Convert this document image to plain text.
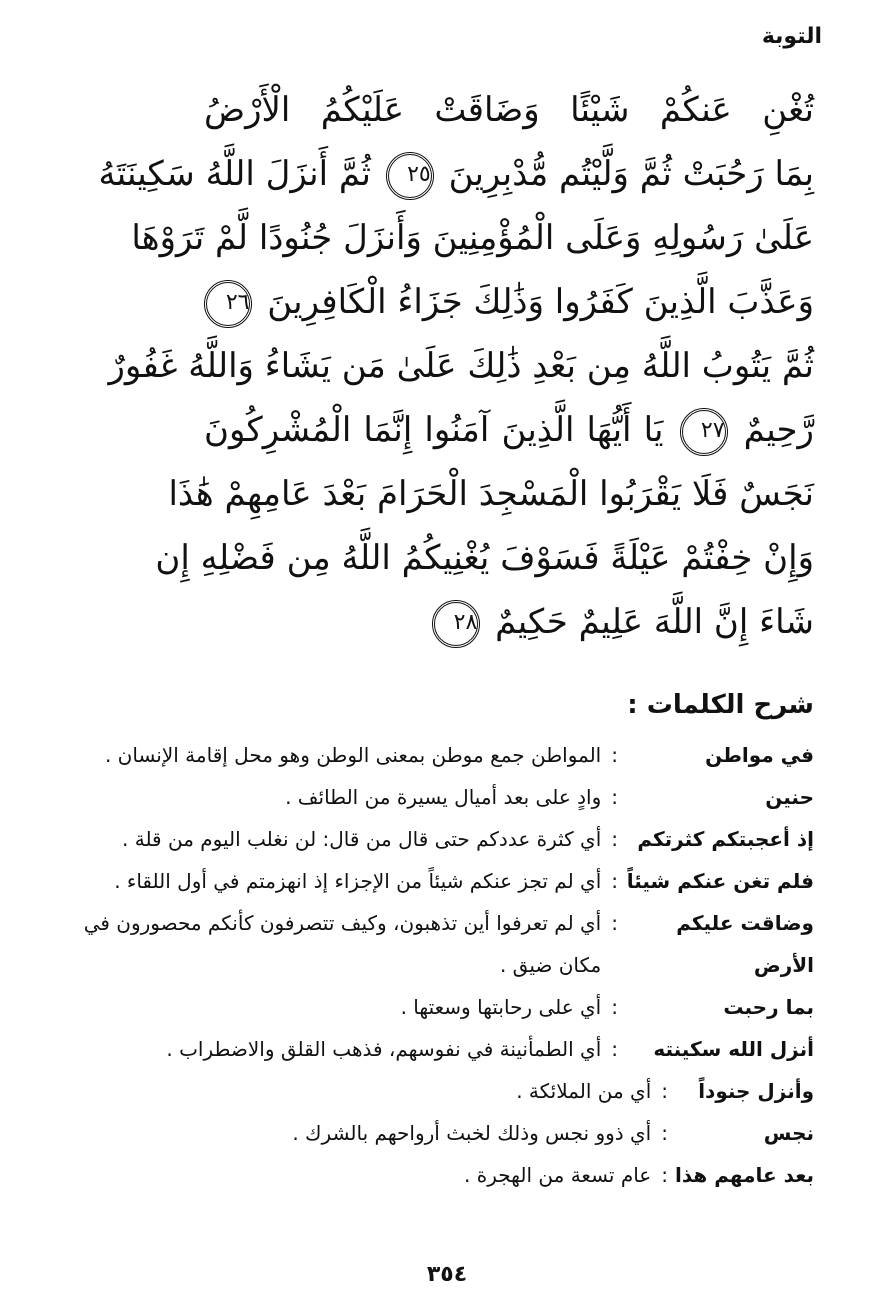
التوبة
تُغْنِ عَنكُمْ شَيْئًا وَضَاقَتْ عَلَيْكُمُ الْأَرْضُ
بِمَا رَحُبَتْ ثُمَّ وَلَّيْتُم مُّدْبِرِينَ ٢٥ ثُمَّ أَنزَلَ اللَّهُ سَكِينَتَهُ
عَلَىٰ رَسُولِهِ وَعَلَى الْمُؤْمِنِينَ وَأَنزَلَ جُنُودًا لَّمْ تَرَوْهَا
وَعَذَّبَ الَّذِينَ كَفَرُوا وَذَٰلِكَ جَزَاءُ الْكَافِرِينَ ٢٦
ثُمَّ يَتُوبُ اللَّهُ مِن بَعْدِ ذَٰلِكَ عَلَىٰ مَن يَشَاءُ وَاللَّهُ غَفُورٌ
رَّحِيمٌ ٢٧ يَا أَيُّهَا الَّذِينَ آمَنُوا إِنَّمَا الْمُشْرِكُونَ
نَجَسٌ فَلَا يَقْرَبُوا الْمَسْجِدَ الْحَرَامَ بَعْدَ عَامِهِمْ هَٰذَا
وَإِنْ خِفْتُمْ عَيْلَةً فَسَوْفَ يُغْنِيكُمُ اللَّهُ مِن فَضْلِهِ إِن
شَاءَ إِنَّ اللَّهَ عَلِيمٌ حَكِيمٌ ٢٨
شرح الكلمات :
في مواطن
:
المواطن جمع موطن بمعنى الوطن وهو محل إقامة الإنسان .
حنين
:
وادٍ على بعد أميال يسيرة من الطائف .
إذ أعجبتكم كثرتكم
:
أي كثرة عددكم حتى قال من قال: لن نغلب اليوم من قلة .
فلم تغن عنكم شيئاً
:
أي لم تجز عنكم شيئاً من الإجزاء إذ انهزمتم في أول اللقاء .
وضاقت عليكم الأرض
:
أي لم تعرفوا أين تذهبون، وكيف تتصرفون كأنكم محصورون في مكان ضيق .
بما رحبت
:
أي على رحابتها وسعتها .
أنزل الله سكينته
:
أي الطمأنينة في نفوسهم، فذهب القلق والاضطراب .
وأنزل جنوداً
:
أي من الملائكة .
نجس
:
أي ذوو نجس وذلك لخبث أرواحهم بالشرك .
بعد عامهم هذا
:
عام تسعة من الهجرة .
٣٥٤
